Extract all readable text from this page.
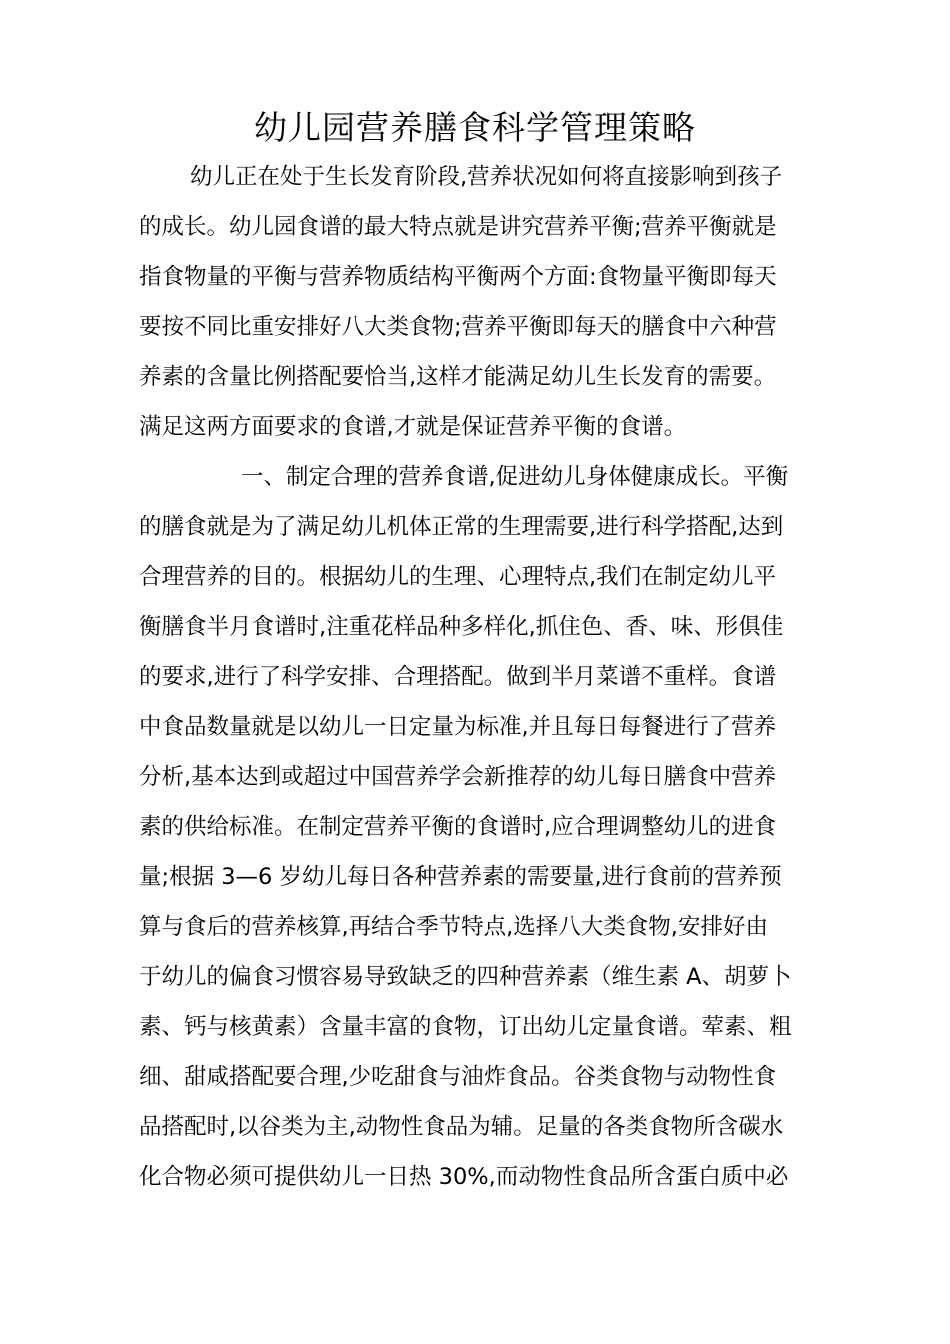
幼儿园营养膳食科学管理策略

幼儿正在处于生长发育阶段,营养状况如何将直接影响到孩子

的成长。幼儿园食谱的最大特点就是讲究营养平衡;营养平衡就是

指食物量的平衡与营养物质结构平衡两个方面:食物量平衡即每天

要按不同比重安排好八大类食物;营养平衡即每天的膳食中六种营

养素的含量比例搭配要恰当,这样才能满足幼儿生长发育的需要。

满足这两方面要求的食谱,才就是保证营养平衡的食谱。

一、制定合理的营养食谱,促进幼儿身体健康成长。平衡

的膳食就是为了满足幼儿机体正常的生理需要,进行科学搭配,达到

合理营养的目的。根据幼儿的生理、心理特点,我们在制定幼儿平

衡膳食半月食谱时,注重花样品种多样化,抓住色、香、味、形俱佳

的要求,进行了科学安排、合理搭配。做到半月菜谱不重样。食谱

中食品数量就是以幼儿一日定量为标准,并且每日每餐进行了营养

分析,基本达到或超过中国营养学会新推荐的幼儿每日膳食中营养

素的供给标准。在制定营养平衡的食谱时,应合理调整幼儿的进食

量;根据 3—6 岁幼儿每日各种营养素的需要量,进行食前的营养预

算与食后的营养核算,再结合季节特点,选择八大类食物,安排好由

于幼儿的偏食习惯容易导致缺乏的四种营养素（维生素 A、胡萝卜

素、钙与核黄素）含量丰富的食物，订出幼儿定量食谱。荤素、粗

细、甜咸搭配要合理,少吃甜食与油炸食品。谷类食物与动物性食

品搭配时,以谷类为主,动物性食品为辅。足量的各类食物所含碳水

化合物必须可提供幼儿一日热 30%,而动物性食品所含蛋白质中必
